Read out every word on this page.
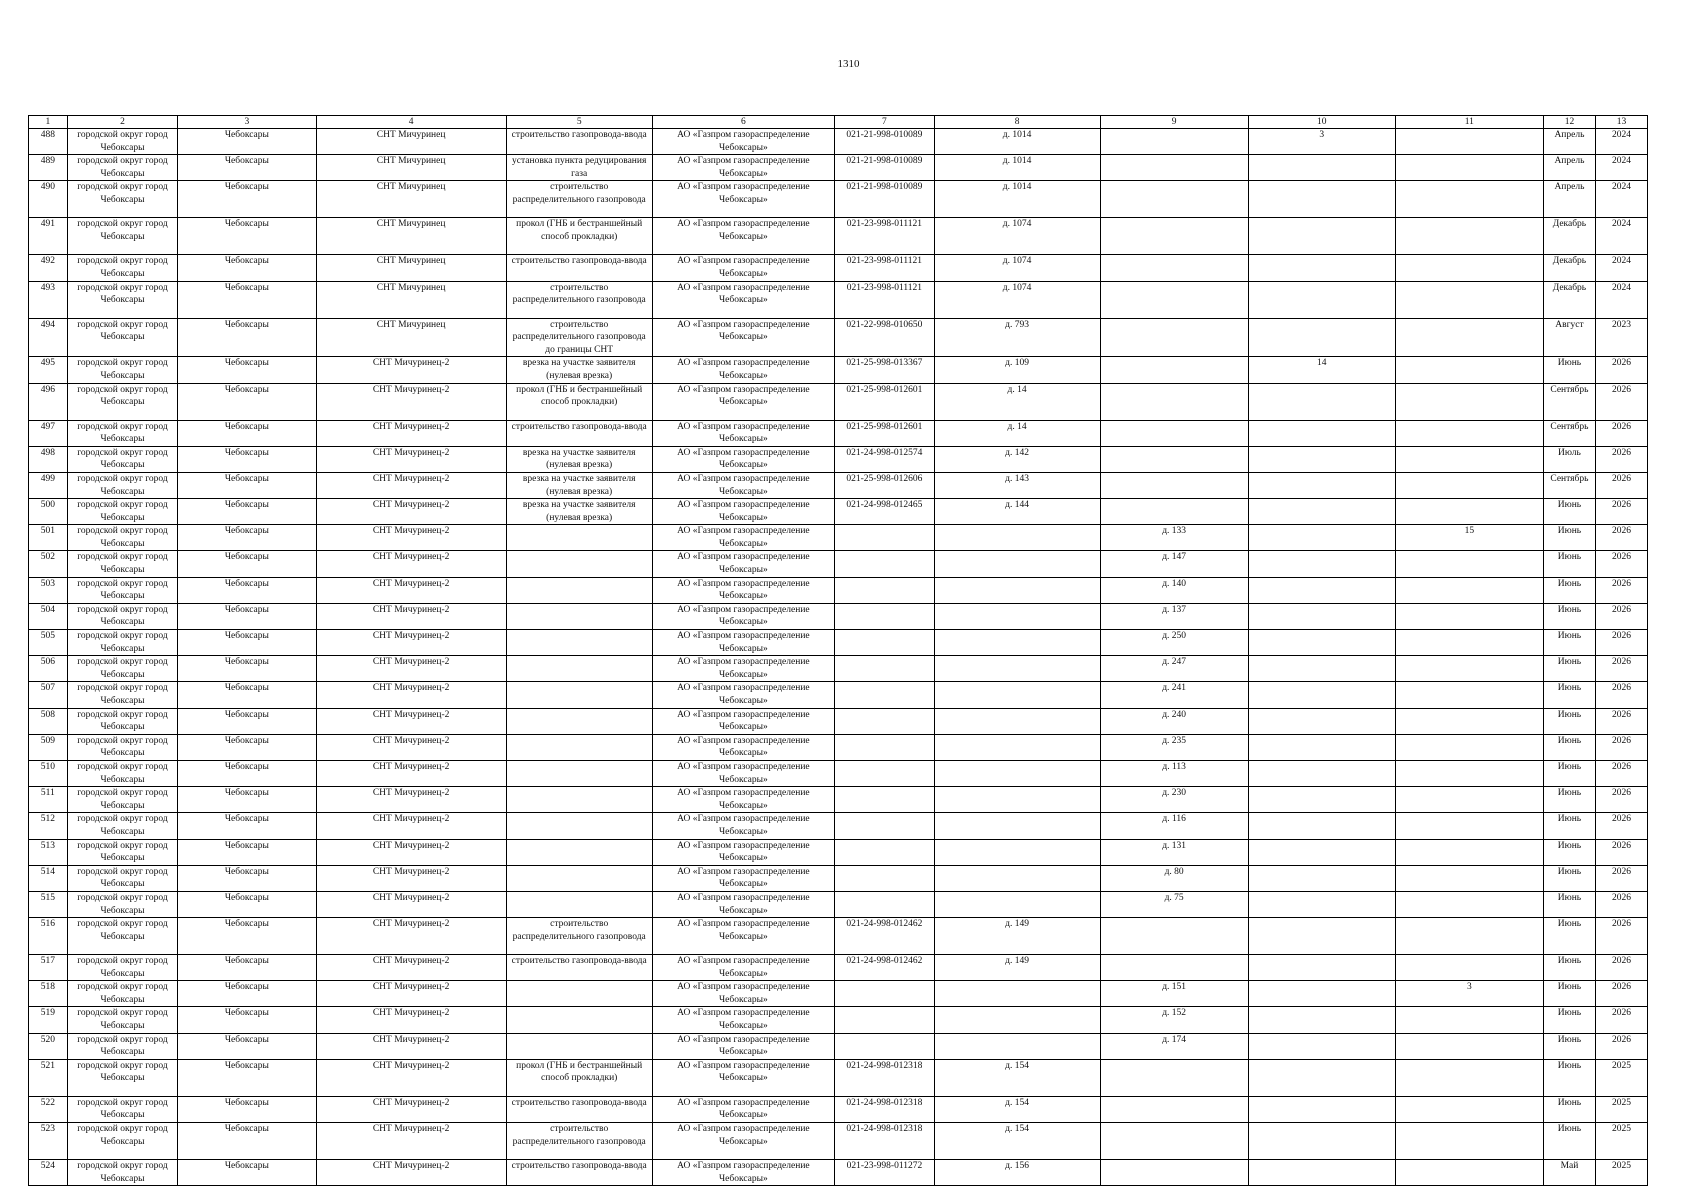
1310
1	2	3	4	5	6	7	8	9	10	11	12	13
488	городской округ город Чебоксары	Чебоксары	СНТ Мичуринец	строительство газопровода-ввода	АО «Газпром газораспределение Чебоксары»	021-21-998-010089	д. 1014		3		Апрель	2024
489	городской округ город Чебоксары	Чебоксары	СНТ Мичуринец	установка пункта редуцирования газа	АО «Газпром газораспределение Чебоксары»	021-21-998-010089	д. 1014				Апрель	2024
490	городской округ город Чебоксары	Чебоксары	СНТ Мичуринец	строительство распределительного газопровода	АО «Газпром газораспределение Чебоксары»	021-21-998-010089	д. 1014				Апрель	2024
491	городской округ город Чебоксары	Чебоксары	СНТ Мичуринец	прокол (ГНБ и бестраншейный способ прокладки)	АО «Газпром газораспределение Чебоксары»	021-23-998-011121	д. 1074				Декабрь	2024
492	городской округ город Чебоксары	Чебоксары	СНТ Мичуринец	строительство газопровода-ввода	АО «Газпром газораспределение Чебоксары»	021-23-998-011121	д. 1074				Декабрь	2024
493	городской округ город Чебоксары	Чебоксары	СНТ Мичуринец	строительство распределительного газопровода	АО «Газпром газораспределение Чебоксары»	021-23-998-011121	д. 1074				Декабрь	2024
494	городской округ город Чебоксары	Чебоксары	СНТ Мичуринец	строительство распределительного газопровода до границы СНТ	АО «Газпром газораспределение Чебоксары»	021-22-998-010650	д. 793				Август	2023
495	городской округ город Чебоксары	Чебоксары	СНТ Мичуринец-2	врезка на участке заявителя (нулевая врезка)	АО «Газпром газораспределение Чебоксары»	021-25-998-013367	д. 109		14		Июнь	2026
496	городской округ город Чебоксары	Чебоксары	СНТ Мичуринец-2	прокол (ГНБ и бестраншейный способ прокладки)	АО «Газпром газораспределение Чебоксары»	021-25-998-012601	д. 14				Сентябрь	2026
497	городской округ город Чебоксары	Чебоксары	СНТ Мичуринец-2	строительство газопровода-ввода	АО «Газпром газораспределение Чебоксары»	021-25-998-012601	д. 14				Сентябрь	2026
498	городской округ город Чебоксары	Чебоксары	СНТ Мичуринец-2	врезка на участке заявителя (нулевая врезка)	АО «Газпром газораспределение Чебоксары»	021-24-998-012574	д. 142				Июль	2026
499	городской округ город Чебоксары	Чебоксары	СНТ Мичуринец-2	врезка на участке заявителя (нулевая врезка)	АО «Газпром газораспределение Чебоксары»	021-25-998-012606	д. 143				Сентябрь	2026
500	городской округ город Чебоксары	Чебоксары	СНТ Мичуринец-2	врезка на участке заявителя (нулевая врезка)	АО «Газпром газораспределение Чебоксары»	021-24-998-012465	д. 144				Июнь	2026
501	городской округ город Чебоксары	Чебоксары	СНТ Мичуринец-2		АО «Газпром газораспределение Чебоксары»			д. 133		15	Июнь	2026
502	городской округ город Чебоксары	Чебоксары	СНТ Мичуринец-2		АО «Газпром газораспределение Чебоксары»			д. 147			Июнь	2026
503	городской округ город Чебоксары	Чебоксары	СНТ Мичуринец-2		АО «Газпром газораспределение Чебоксары»			д. 140			Июнь	2026
504	городской округ город Чебоксары	Чебоксары	СНТ Мичуринец-2		АО «Газпром газораспределение Чебоксары»			д. 137			Июнь	2026
505	городской округ город Чебоксары	Чебоксары	СНТ Мичуринец-2		АО «Газпром газораспределение Чебоксары»			д. 250			Июнь	2026
506	городской округ город Чебоксары	Чебоксары	СНТ Мичуринец-2		АО «Газпром газораспределение Чебоксары»			д. 247			Июнь	2026
507	городской округ город Чебоксары	Чебоксары	СНТ Мичуринец-2		АО «Газпром газораспределение Чебоксары»			д. 241			Июнь	2026
508	городской округ город Чебоксары	Чебоксары	СНТ Мичуринец-2		АО «Газпром газораспределение Чебоксары»			д. 240			Июнь	2026
509	городской округ город Чебоксары	Чебоксары	СНТ Мичуринец-2		АО «Газпром газораспределение Чебоксары»			д. 235			Июнь	2026
510	городской округ город Чебоксары	Чебоксары	СНТ Мичуринец-2		АО «Газпром газораспределение Чебоксары»			д. 113			Июнь	2026
511	городской округ город Чебоксары	Чебоксары	СНТ Мичуринец-2		АО «Газпром газораспределение Чебоксары»			д. 230			Июнь	2026
512	городской округ город Чебоксары	Чебоксары	СНТ Мичуринец-2		АО «Газпром газораспределение Чебоксары»			д. 116			Июнь	2026
513	городской округ город Чебоксары	Чебоксары	СНТ Мичуринец-2		АО «Газпром газораспределение Чебоксары»			д. 131			Июнь	2026
514	городской округ город Чебоксары	Чебоксары	СНТ Мичуринец-2		АО «Газпром газораспределение Чебоксары»			д. 80			Июнь	2026
515	городской округ город Чебоксары	Чебоксары	СНТ Мичуринец-2		АО «Газпром газораспределение Чебоксары»			д. 75			Июнь	2026
516	городской округ город Чебоксары	Чебоксары	СНТ Мичуринец-2	строительство распределительного газопровода	АО «Газпром газораспределение Чебоксары»	021-24-998-012462	д. 149				Июнь	2026
517	городской округ город Чебоксары	Чебоксары	СНТ Мичуринец-2	строительство газопровода-ввода	АО «Газпром газораспределение Чебоксары»	021-24-998-012462	д. 149				Июнь	2026
518	городской округ город Чебоксары	Чебоксары	СНТ Мичуринец-2		АО «Газпром газораспределение Чебоксары»			д. 151		3	Июнь	2026
519	городской округ город Чебоксары	Чебоксары	СНТ Мичуринец-2		АО «Газпром газораспределение Чебоксары»			д. 152			Июнь	2026
520	городской округ город Чебоксары	Чебоксары	СНТ Мичуринец-2		АО «Газпром газораспределение Чебоксары»			д. 174			Июнь	2026
521	городской округ город Чебоксары	Чебоксары	СНТ Мичуринец-2	прокол (ГНБ и бестраншейный способ прокладки)	АО «Газпром газораспределение Чебоксары»	021-24-998-012318	д. 154				Июнь	2025
522	городской округ город Чебоксары	Чебоксары	СНТ Мичуринец-2	строительство газопровода-ввода	АО «Газпром газораспределение Чебоксары»	021-24-998-012318	д. 154				Июнь	2025
523	городской округ город Чебоксары	Чебоксары	СНТ Мичуринец-2	строительство распределительного газопровода	АО «Газпром газораспределение Чебоксары»	021-24-998-012318	д. 154				Июнь	2025
524	городской округ город Чебоксары	Чебоксары	СНТ Мичуринец-2	строительство газопровода-ввода	АО «Газпром газораспределение Чебоксары»	021-23-998-011272	д. 156				Май	2025
